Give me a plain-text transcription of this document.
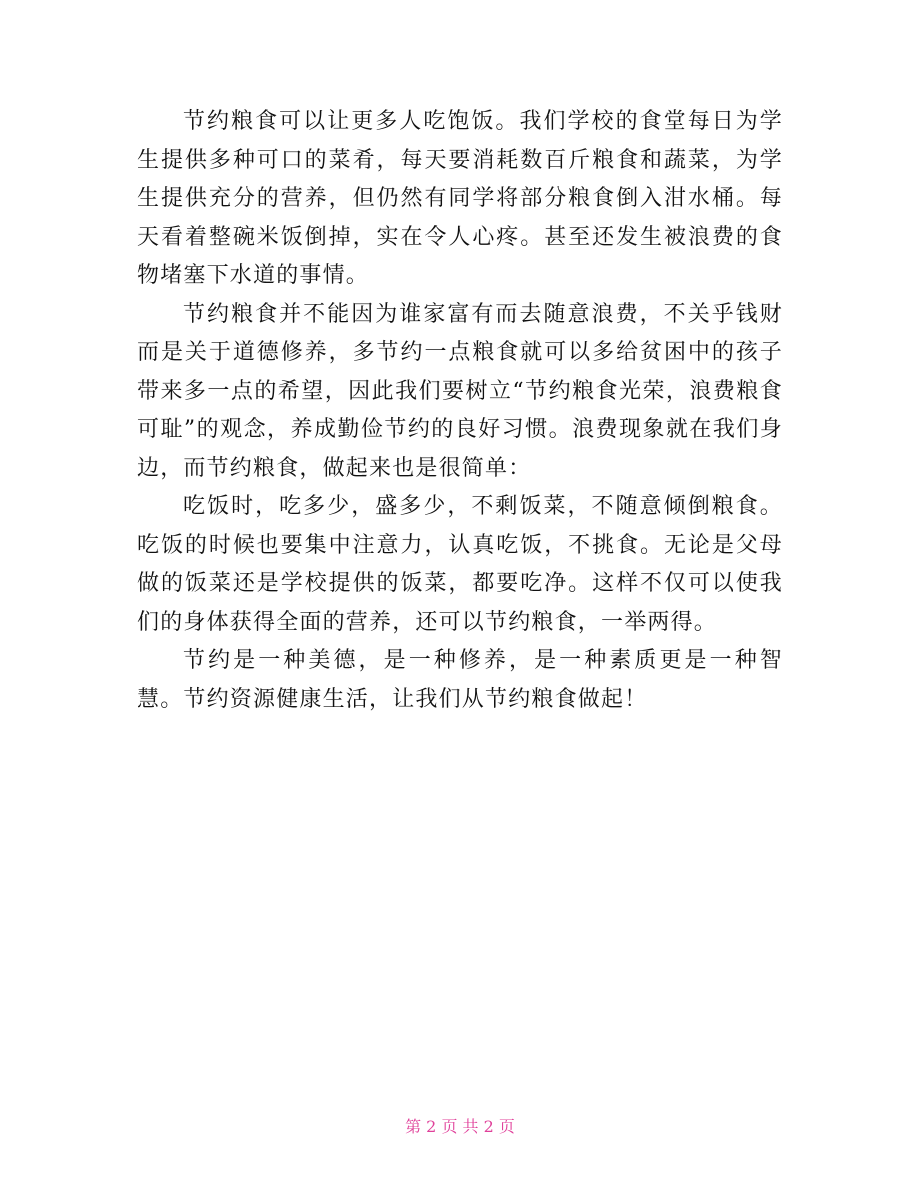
节约粮食可以让更多人吃饱饭。我们学校的食堂每日为学生提供多种可口的菜肴，每天要消耗数百斤粮食和蔬菜，为学生提供充分的营养，但仍然有同学将部分粮食倒入泔水桶。每天看着整碗米饭倒掉，实在令人心疼。甚至还发生被浪费的食物堵塞下水道的事情。

节约粮食并不能因为谁家富有而去随意浪费，不关乎钱财而是关于道德修养，多节约一点粮食就可以多给贫困中的孩子带来多一点的希望，因此我们要树立“节约粮食光荣，浪费粮食可耻”的观念，养成勤俭节约的良好习惯。浪费现象就在我们身边，而节约粮食，做起来也是很简单：

吃饭时，吃多少，盛多少，不剩饭菜，不随意倾倒粮食。吃饭的时候也要集中注意力，认真吃饭，不挑食。无论是父母做的饭菜还是学校提供的饭菜，都要吃净。这样不仅可以使我们的身体获得全面的营养，还可以节约粮食，一举两得。

节约是一种美德，是一种修养，是一种素质更是一种智慧。节约资源健康生活，让我们从节约粮食做起！

第 2 页 共 2 页
